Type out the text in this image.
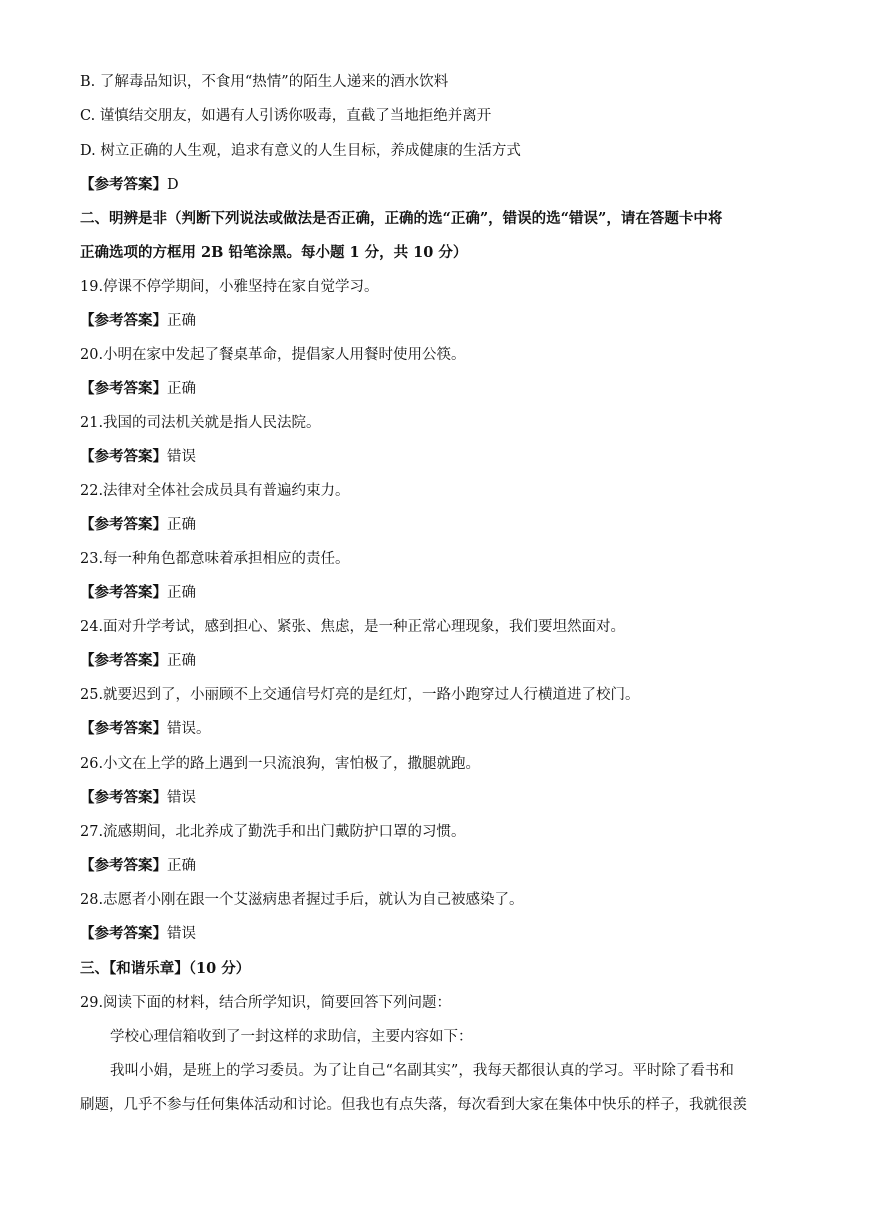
B. 了解毒品知识，不食用“热情”的陌生人递来的酒水饮料
C. 谨慎结交朋友，如遇有人引诱你吸毒，直截了当地拒绝并离开
D. 树立正确的人生观，追求有意义的人生目标，养成健康的生活方式
【参考答案】D
二、明辨是非（判断下列说法或做法是否正确，正确的选“正确”，错误的选“错误”，请在答题卡中将
正确选项的方框用 2B 铅笔涂黑。每小题 1 分，共 10 分）
19.停课不停学期间，小雅坚持在家自觉学习。
【参考答案】正确
20.小明在家中发起了餐桌革命，提倡家人用餐时使用公筷。
【参考答案】正确
21.我国的司法机关就是指人民法院。
【参考答案】错误
22.法律对全体社会成员具有普遍约束力。
【参考答案】正确
23.每一种角色都意味着承担相应的责任。
【参考答案】正确
24.面对升学考试，感到担心、紧张、焦虑，是一种正常心理现象，我们要坦然面对。
【参考答案】正确
25.就要迟到了，小丽顾不上交通信号灯亮的是红灯，一路小跑穿过人行横道进了校门。
【参考答案】错误。
26.小文在上学的路上遇到一只流浪狗，害怕极了，撒腿就跑。
【参考答案】错误
27.流感期间，北北养成了勤洗手和出门戴防护口罩的习惯。
【参考答案】正确
28.志愿者小刚在跟一个艾滋病患者握过手后，就认为自己被感染了。
【参考答案】错误
三、【和谐乐章】（10 分）
29.阅读下面的材料，结合所学知识，简要回答下列问题：
学校心理信箱收到了一封这样的求助信，主要内容如下：
我叫小娟，是班上的学习委员。为了让自己“名副其实”，我每天都很认真的学习。平时除了看书和
刷题，几乎不参与任何集体活动和讨论。但我也有点失落，每次看到大家在集体中快乐的样子，我就很羡
